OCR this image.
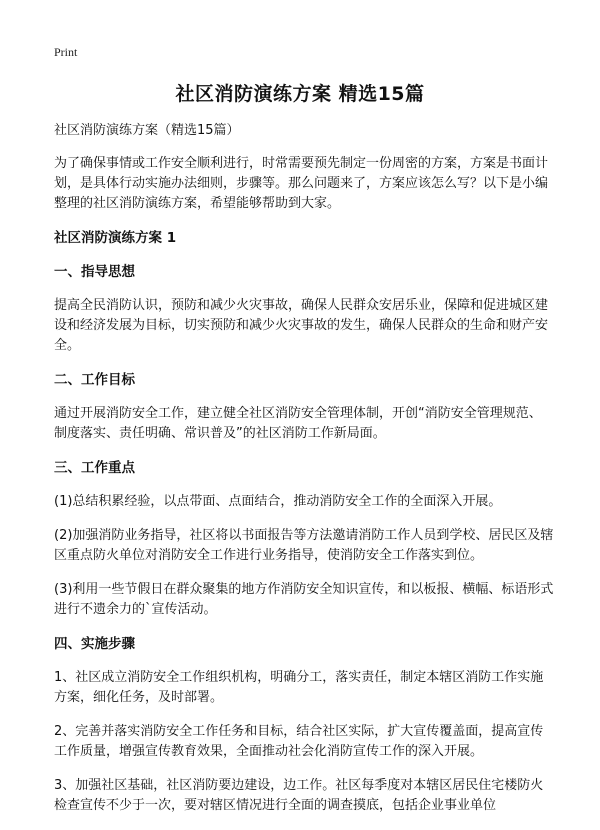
Print
社区消防演练方案 精选15篇

社区消防演练方案（精选15篇）

为了确保事情或工作安全顺利进行，时常需要预先制定一份周密的方案，方案是书面计划，是具体行动实施办法细则，步骤等。那么问题来了，方案应该怎么写？以下是小编整理的社区消防演练方案，希望能够帮助到大家。

社区消防演练方案 1

一、指导思想

提高全民消防认识，预防和减少火灾事故，确保人民群众安居乐业，保障和促进城区建设和经济发展为目标，切实预防和减少火灾事故的发生，确保人民群众的生命和财产安全。

二、工作目标

通过开展消防安全工作，建立健全社区消防安全管理体制，开创“消防安全管理规范、制度落实、责任明确、常识普及”的社区消防工作新局面。

三、工作重点

(1)总结积累经验，以点带面、点面结合，推动消防安全工作的全面深入开展。

(2)加强消防业务指导，社区将以书面报告等方法邀请消防工作人员到学校、居民区及辖区重点防火单位对消防安全工作进行业务指导，使消防安全工作落实到位。

(3)利用一些节假日在群众聚集的地方作消防安全知识宣传，和以板报、横幅、标语形式进行不遗余力的`宣传活动。

四、实施步骤

1、社区成立消防安全工作组织机构，明确分工，落实责任，制定本辖区消防工作实施方案，细化任务，及时部署。

2、完善并落实消防安全工作任务和目标，结合社区实际，扩大宣传覆盖面，提高宣传工作质量，增强宣传教育效果，全面推动社会化消防宣传工作的深入开展。

3、加强社区基础，社区消防要边建设，边工作。社区每季度对本辖区居民住宅楼防火检查宣传不少于一次，要对辖区情况进行全面的调查摸底，包括企业事业单位
